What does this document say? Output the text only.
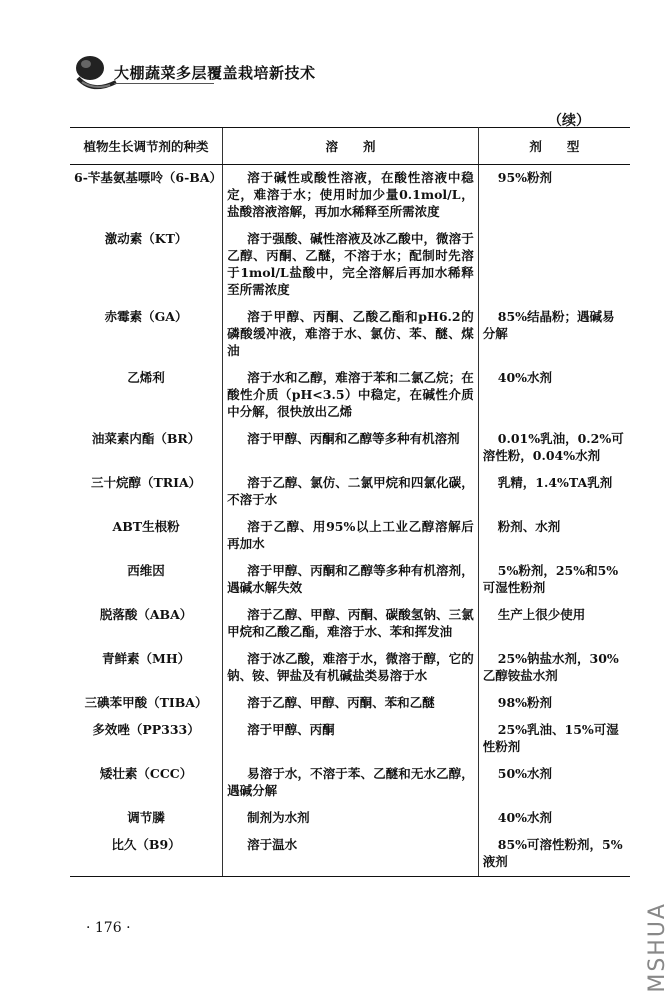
大棚蔬菜多层覆盖栽培新技术
（续）
植物生长调节剂的种类	溶　　剂	剂　　型
6-苄基氨基嘌呤（6-BA）	溶于碱性或酸性溶液，在酸性溶液中稳定，难溶于水；使用时加少量0.1mol/L，盐酸溶液溶解，再加水稀释至所需浓度	95%粉剂
激动素（KT）	溶于强酸、碱性溶液及冰乙酸中，微溶于乙醇、丙酮、乙醚，不溶于水；配制时先溶于1mol/L盐酸中，完全溶解后再加水稀释至所需浓度	
赤霉素（GA）	溶于甲醇、丙酮、乙酸乙酯和pH6.2的磷酸缓冲液，难溶于水、氯仿、苯、醚、煤油	85%结晶粉；遇碱易分解
乙烯利	溶于水和乙醇，难溶于苯和二氯乙烷；在酸性介质（pH<3.5）中稳定，在碱性介质中分解，很快放出乙烯	40%水剂
油菜素内酯（BR）	溶于甲醇、丙酮和乙醇等多种有机溶剂	0.01%乳油，0.2%可溶性粉，0.04%水剂
三十烷醇（TRIA）	溶于乙醇、氯仿、二氯甲烷和四氯化碳，不溶于水	乳精，1.4%TA乳剂
ABT生根粉	溶于乙醇、用95%以上工业乙醇溶解后再加水	粉剂、水剂
西维因	溶于甲醇、丙酮和乙醇等多种有机溶剂，遇碱水解失效	5%粉剂，25%和5%可湿性粉剂
脱落酸（ABA）	溶于乙醇、甲醇、丙酮、碳酸氢钠、三氯甲烷和乙酸乙酯，难溶于水、苯和挥发油	生产上很少使用
青鲜素（MH）	溶于冰乙酸，难溶于水，微溶于醇，它的钠、铵、钾盐及有机碱盐类易溶于水	25%钠盐水剂，30%乙醇铵盐水剂
三碘苯甲酸（TIBA）	溶于乙醇、甲醇、丙酮、苯和乙醚	98%粉剂
多效唑（PP333）	溶于甲醇、丙酮	25%乳油、15%可湿性粉剂
矮壮素（CCC）	易溶于水，不溶于苯、乙醚和无水乙醇，遇碱分解	50%水剂
调节膦	制剂为水剂	40%水剂
比久（B9）	溶于温水	85%可溶性粉剂，5%液剂
· 176 ·	MSHUA
